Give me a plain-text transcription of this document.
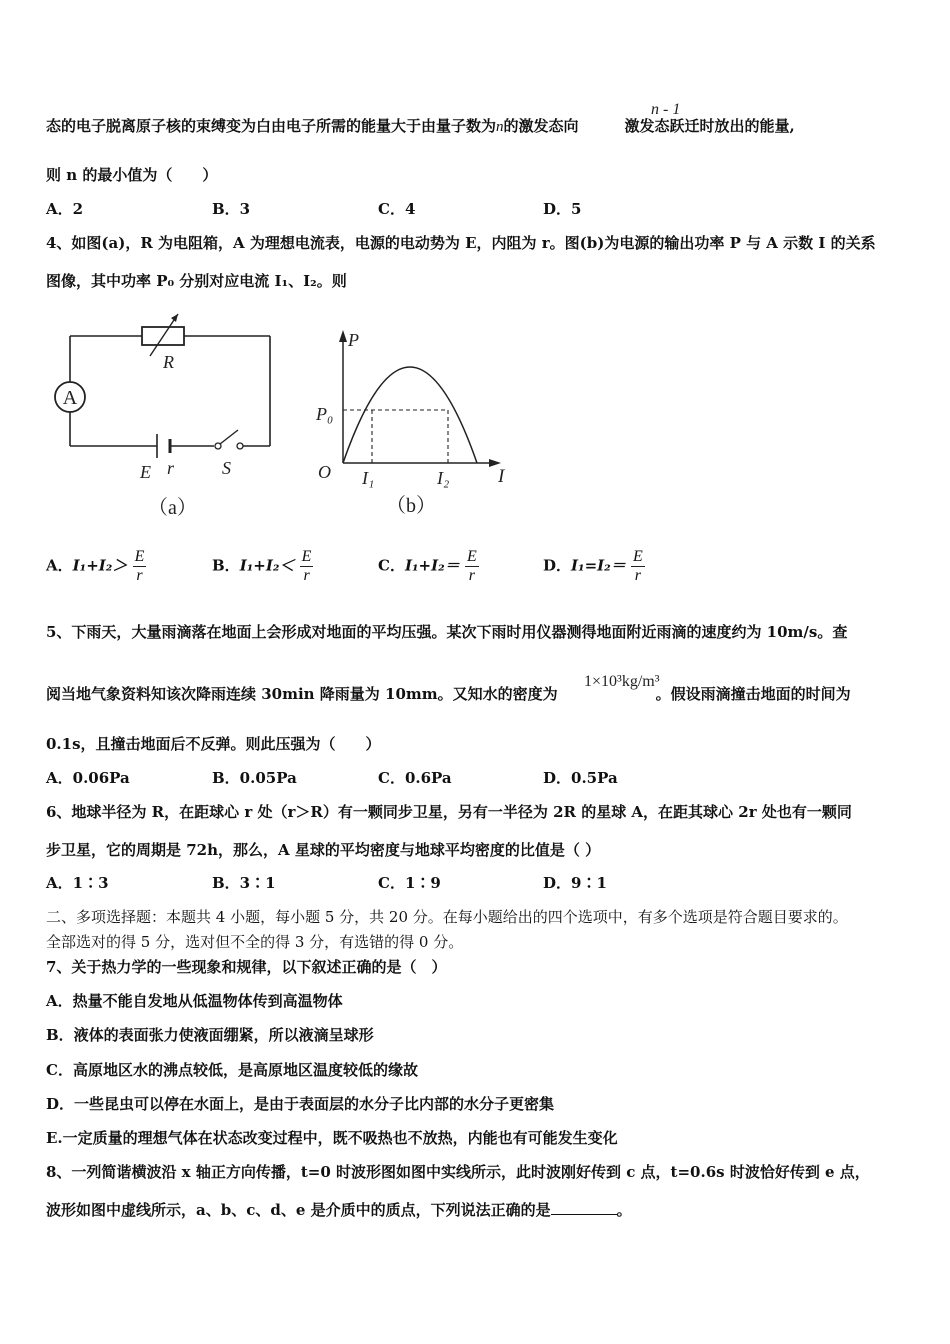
态的电子脱离原子核的束缚变为白由电子所需的能量大于由量子数为n的激发态向	激发态跃迁时放出的能量,
n - 1
则 n 的最小值为（　　）
A．2	B．3	C．4	D．5
4、如图(a)，R 为电阻箱，A 为理想电流表，电源的电动势为 E，内阻为 r。图(b)为电源的输出功率 P 与 A 示数 I 的关系
图像，其中功率 P₀ 分别对应电流 I₁、I₂。则
A
R
E r	S
（a）
P
P₀
O I₁	I₂	I
（b）
A．$I_1+I_2> \frac{E}{r}$	B．$I_1+I_2< \frac{E}{r}$	C．$I_1+I_2= \frac{E}{r}$	D．$I_1=I_2= \frac{E}{r}$
5、下雨天，大量雨滴落在地面上会形成对地面的平均压强。某次下雨时用仪器测得地面附近雨滴的速度约为 10m/s。查
阅当地气象资料知该次降雨连续 30min 降雨量为 10mm。又知水的密度为	。假设雨滴撞击地面的时间为
1×10³kg/m³
0.1s，且撞击地面后不反弹。则此压强为（　　）
A．0.06Pa	B．0.05Pa	C．0.6Pa	D．0.5Pa
6、地球半径为 R，在距球心 r 处（r＞R）有一颗同步卫星，另有一半径为 2R 的星球 A，在距其球心 2r 处也有一颗同
步卫星，它的周期是 72h，那么，A 星球的平均密度与地球平均密度的比值是（ ）
A．1∶3	B．3∶1	C．1∶9	D．9∶1
二、多项选择题：本题共 4 小题，每小题 5 分，共 20 分。在每小题给出的四个选项中，有多个选项是符合题目要求的。
全部选对的得 5 分，选对但不全的得 3 分，有选错的得 0 分。
7、关于热力学的一些现象和规律，以下叙述正确的是（　）
A．热量不能自发地从低温物体传到高温物体
B．液体的表面张力使液面绷紧，所以液滴呈球形
C．高原地区水的沸点较低，是高原地区温度较低的缘故
D．一些昆虫可以停在水面上，是由于表面层的水分子比内部的水分子更密集
E.一定质量的理想气体在状态改变过程中，既不吸热也不放热，内能也有可能发生变化
8、一列简谐横波沿 x 轴正方向传播，t=0 时波形图如图中实线所示，此时波刚好传到 c 点，t=0.6s 时波恰好传到 e 点，
波形如图中虚线所示，a、b、c、d、e 是介质中的质点，下列说法正确的是	。
